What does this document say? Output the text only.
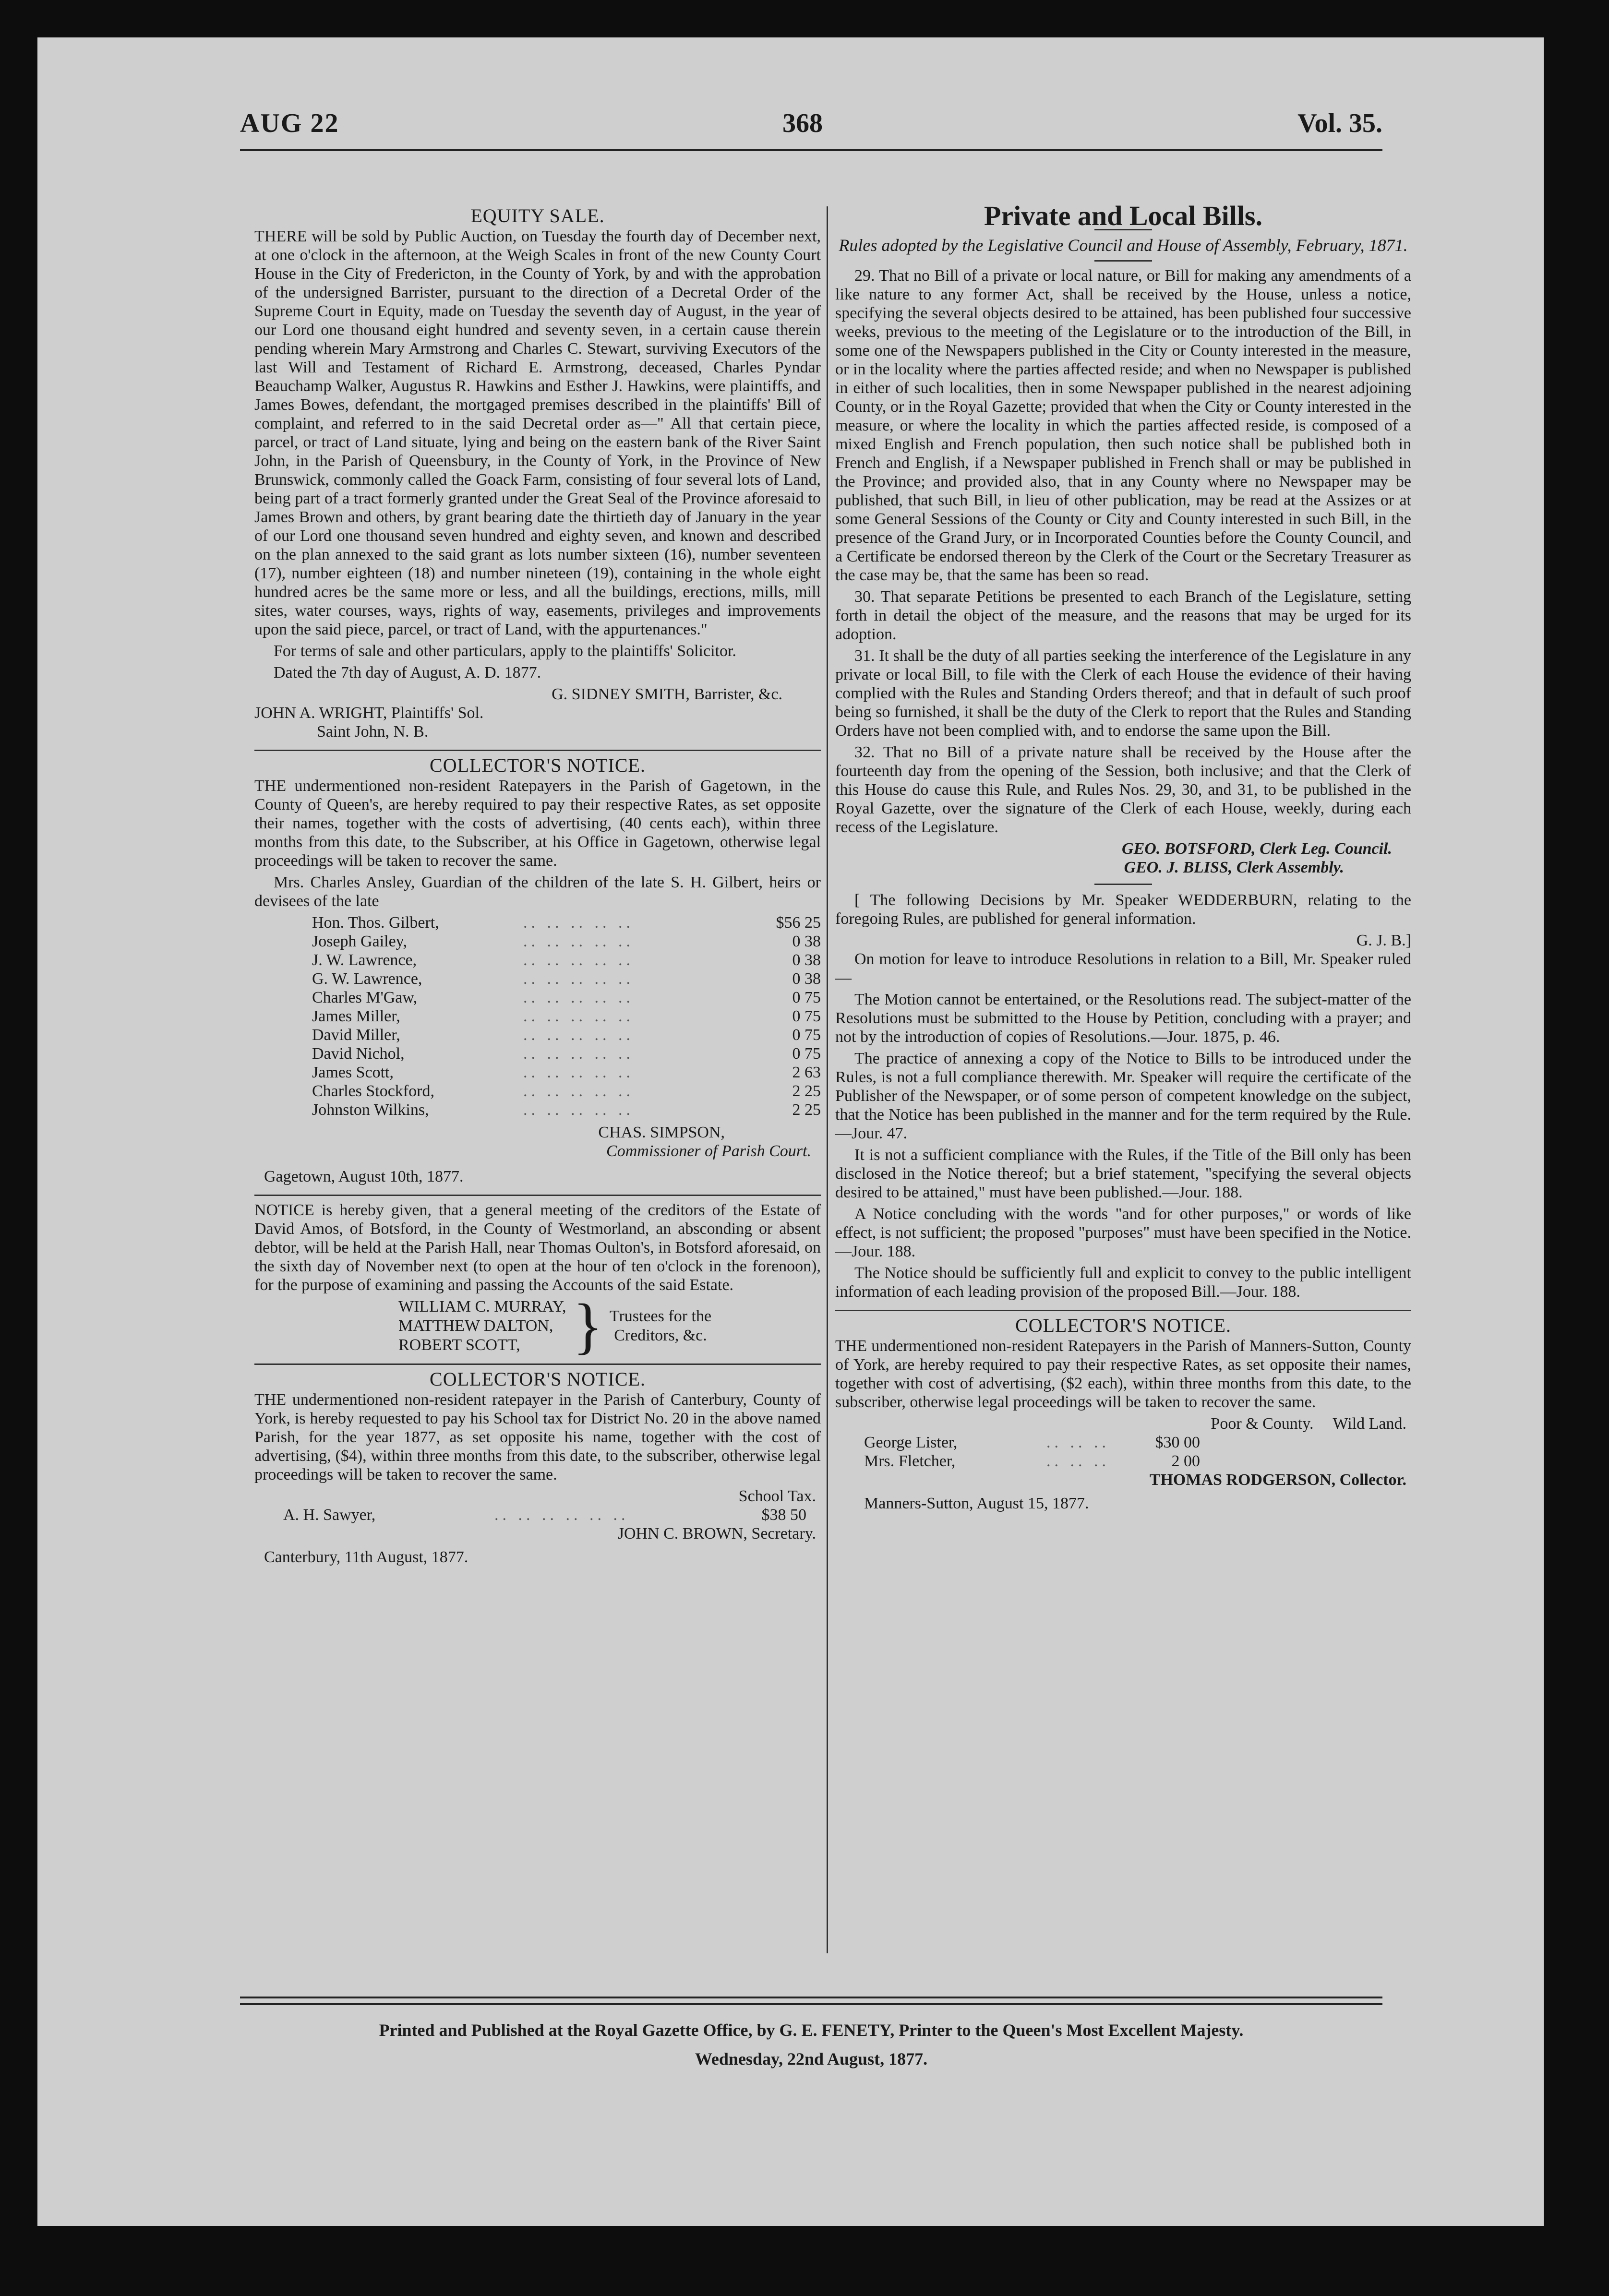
AUG 22	368	Vol. 35.
EQUITY SALE.

THERE will be sold by Public Auction, on Tuesday the fourth day of December next, at one o'clock in the afternoon, at the Weigh Scales in front of the new County Court House in the City of Fredericton, in the County of York, by and with the approbation of the undersigned Barrister, pursuant to the direction of a Decretal Order of the Supreme Court in Equity, made on Tuesday the seventh day of August, in the year of our Lord one thousand eight hundred and seventy seven, in a certain cause therein pending wherein Mary Armstrong and Charles C. Stewart, surviving Executors of the last Will and Testament of Richard E. Armstrong, deceased, Charles Pyndar Beauchamp Walker, Augustus R. Hawkins and Esther J. Hawkins, were plaintiffs, and James Bowes, defendant, the mortgaged premises described in the plaintiffs' Bill of complaint, and referred to in the said Decretal order as—" All that certain piece, parcel, or tract of Land situate, lying and being on the eastern bank of the River Saint John, in the Parish of Queensbury, in the County of York, in the Province of New Brunswick, commonly called the Goack Farm, consisting of four several lots of Land, being part of a tract formerly granted under the Great Seal of the Province aforesaid to James Brown and others, by grant bearing date the thirtieth day of January in the year of our Lord one thousand seven hundred and eighty seven, and known and described on the plan annexed to the said grant as lots number sixteen (16), number seventeen (17), number eighteen (18) and number nineteen (19), containing in the whole eight hundred acres be the same more or less, and all the buildings, erections, mills, mill sites, water courses, ways, rights of way, easements, privileges and improvements upon the said piece, parcel, or tract of Land, with the appurtenances."

For terms of sale and other particulars, apply to the plaintiffs' Solicitor.

Dated the 7th day of August, A. D. 1877.

G. SIDNEY SMITH, Barrister, &c.
JOHN A. WRIGHT, Plaintiffs' Sol.
Saint John, N. B.
COLLECTOR'S NOTICE.

THE undermentioned non-resident Ratepayers in the Parish of Gagetown, in the County of Queen's, are hereby required to pay their respective Rates, as set opposite their names, together with the costs of advertising, (40 cents each), within three months from this date, to the Subscriber, at his Office in Gagetown, otherwise legal proceedings will be taken to recover the same.

Mrs. Charles Ansley, Guardian of the children of the late S. H. Gilbert, heirs or devisees of the late

Hon. Thos. Gilbert,	.. .. .. .. ..	$56 25
Joseph Gailey,	.. .. .. .. ..	0 38
J. W. Lawrence,	.. .. .. .. ..	0 38
G. W. Lawrence,	.. .. .. .. ..	0 38
Charles M'Gaw,	.. .. .. .. ..	0 75
James Miller,	.. .. .. .. ..	0 75
David Miller,	.. .. .. .. ..	0 75
David Nichol,	.. .. .. .. ..	0 75
James Scott,	.. .. .. .. ..	2 63
Charles Stockford,	.. .. .. .. ..	2 25
Johnston Wilkins,	.. .. .. .. ..	2 25
CHAS. SIMPSON,
Commissioner of Parish Court.
Gagetown, August 10th, 1877.

NOTICE is hereby given, that a general meeting of the creditors of the Estate of David Amos, of Botsford, in the County of Westmorland, an absconding or absent debtor, will be held at the Parish Hall, near Thomas Oulton's, in Botsford aforesaid, on the sixth day of November next (to open at the hour of ten o'clock in the forenoon), for the purpose of examining and passing the Accounts of the said Estate.

WILLIAM C. MURRAY,
MATTHEW DALTON,
ROBERT SCOTT, } Trustees for the
Creditors, &c.
COLLECTOR'S NOTICE.

THE undermentioned non-resident ratepayer in the Parish of Canterbury, County of York, is hereby requested to pay his School tax for District No. 20 in the above named Parish, for the year 1877, as set opposite his name, together with the cost of advertising, ($4), within three months from this date, to the subscriber, otherwise legal proceedings will be taken to recover the same.

School Tax.
A. H. Sawyer,	.. .. .. .. .. ..	$38 50
JOHN C. BROWN, Secretary.
Canterbury, 11th August, 1877.
Private and Local Bills.
Rules adopted by the Legislative Council and House of Assembly, February, 1871.

29. That no Bill of a private or local nature, or Bill for making any amendments of a like nature to any former Act, shall be received by the House, unless a notice, specifying the several objects desired to be attained, has been published four successive weeks, previous to the meeting of the Legislature or to the introduction of the Bill, in some one of the Newspapers published in the City or County interested in the measure, or in the locality where the parties affected reside; and when no Newspaper is published in either of such localities, then in some Newspaper published in the nearest adjoining County, or in the Royal Gazette; provided that when the City or County interested in the measure, or where the locality in which the parties affected reside, is composed of a mixed English and French population, then such notice shall be published both in French and English, if a Newspaper published in French shall or may be published in the Province; and provided also, that in any County where no Newspaper may be published, that such Bill, in lieu of other publication, may be read at the Assizes or at some General Sessions of the County or City and County interested in such Bill, in the presence of the Grand Jury, or in Incorporated Counties before the County Council, and a Certificate be endorsed thereon by the Clerk of the Court or the Secretary Treasurer as the case may be, that the same has been so read.

30. That separate Petitions be presented to each Branch of the Legislature, setting forth in detail the object of the measure, and the reasons that may be urged for its adoption.

31. It shall be the duty of all parties seeking the interference of the Legislature in any private or local Bill, to file with the Clerk of each House the evidence of their having complied with the Rules and Standing Orders thereof; and that in default of such proof being so furnished, it shall be the duty of the Clerk to report that the Rules and Standing Orders have not been complied with, and to endorse the same upon the Bill.

32. That no Bill of a private nature shall be received by the House after the fourteenth day from the opening of the Session, both inclusive; and that the Clerk of this House do cause this Rule, and Rules Nos. 29, 30, and 31, to be published in the Royal Gazette, over the signature of the Clerk of each House, weekly, during each recess of the Legislature.

GEO. BOTSFORD, Clerk Leg. Council.
GEO. J. BLISS, Clerk Assembly.

[ The following Decisions by Mr. Speaker WEDDERBURN, relating to the foregoing Rules, are published for general information.

G. J. B.]

On motion for leave to introduce Resolutions in relation to a Bill, Mr. Speaker ruled—

The Motion cannot be entertained, or the Resolutions read. The subject-matter of the Resolutions must be submitted to the House by Petition, concluding with a prayer; and not by the introduction of copies of Resolutions.—Jour. 1875, p. 46.

The practice of annexing a copy of the Notice to Bills to be introduced under the Rules, is not a full compliance therewith. Mr. Speaker will require the certificate of the Publisher of the Newspaper, or of some person of competent knowledge on the subject, that the Notice has been published in the manner and for the term required by the Rule.—Jour. 47.

It is not a sufficient compliance with the Rules, if the Title of the Bill only has been disclosed in the Notice thereof; but a brief statement, "specifying the several objects desired to be attained," must have been published.—Jour. 188.

A Notice concluding with the words "and for other purposes," or words of like effect, is not sufficient; the proposed "purposes" must have been specified in the Notice.—Jour. 188.

The Notice should be sufficiently full and explicit to convey to the public intelligent information of each leading provision of the proposed Bill.—Jour. 188.

COLLECTOR'S NOTICE.

THE undermentioned non-resident Ratepayers in the Parish of Manners-Sutton, County of York, are hereby required to pay their respective Rates, as set opposite their names, together with cost of advertising, ($2 each), within three months from this date, to the subscriber, otherwise legal proceedings will be taken to recover the same.

Poor & County. Wild Land.
George Lister,	.. .. ..	$30 00
Mrs. Fletcher,	.. .. ..	2 00
THOMAS RODGERSON, Collector.
Manners-Sutton, August 15, 1877.
Printed and Published at the Royal Gazette Office, by G. E. FENETY, Printer to the Queen's Most Excellent Majesty.
Wednesday, 22nd August, 1877.
